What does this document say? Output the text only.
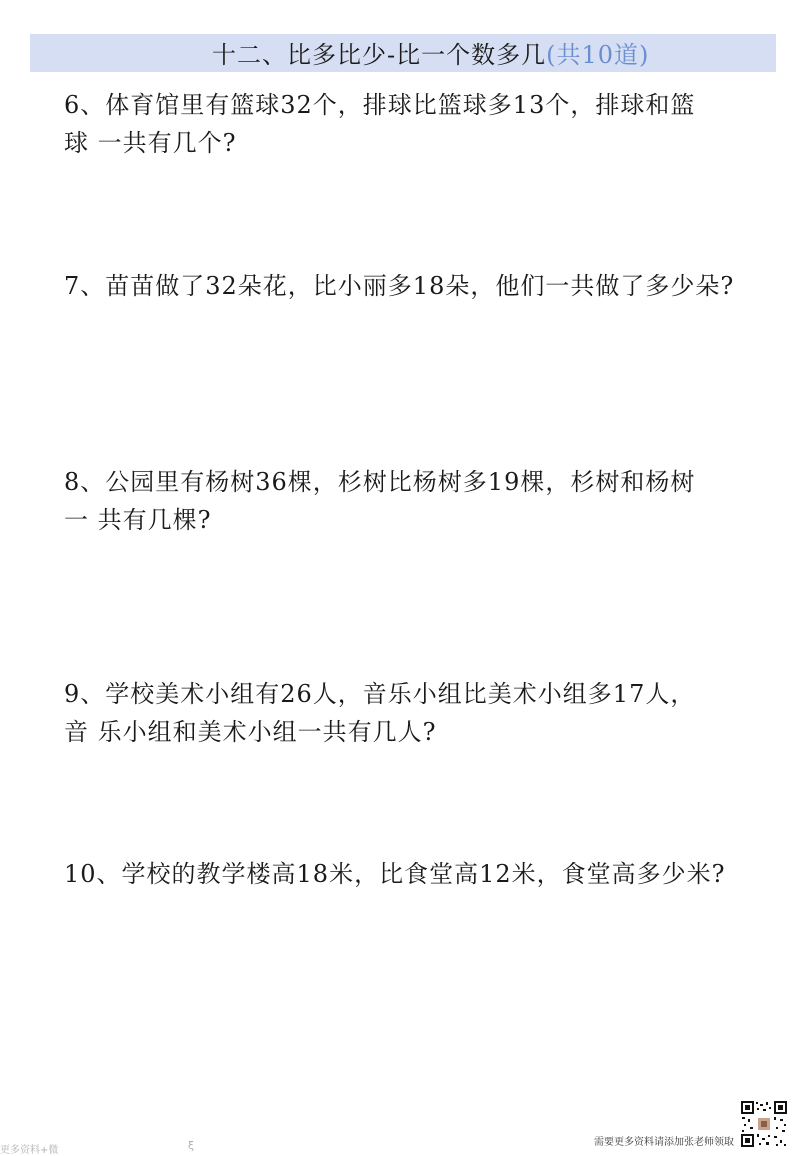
十二、比多比少-比一个数多几(共10道)
6、体育馆里有篮球32个，排球比篮球多13个，排球和篮
球 一共有几个?
7、苗苗做了32朵花，比小丽多18朵，他们一共做了多少朵?
8、公园里有杨树36棵，杉树比杨树多19棵，杉树和杨树
一 共有几棵?
9、学校美术小组有26人，音乐小组比美术小组多17人，
音 乐小组和美术小组一共有几人?
10、学校的教学楼高18米，比食堂高12米，食堂高多少米?
更多资料+微	ξ	需要更多资料请添加张老师领取
